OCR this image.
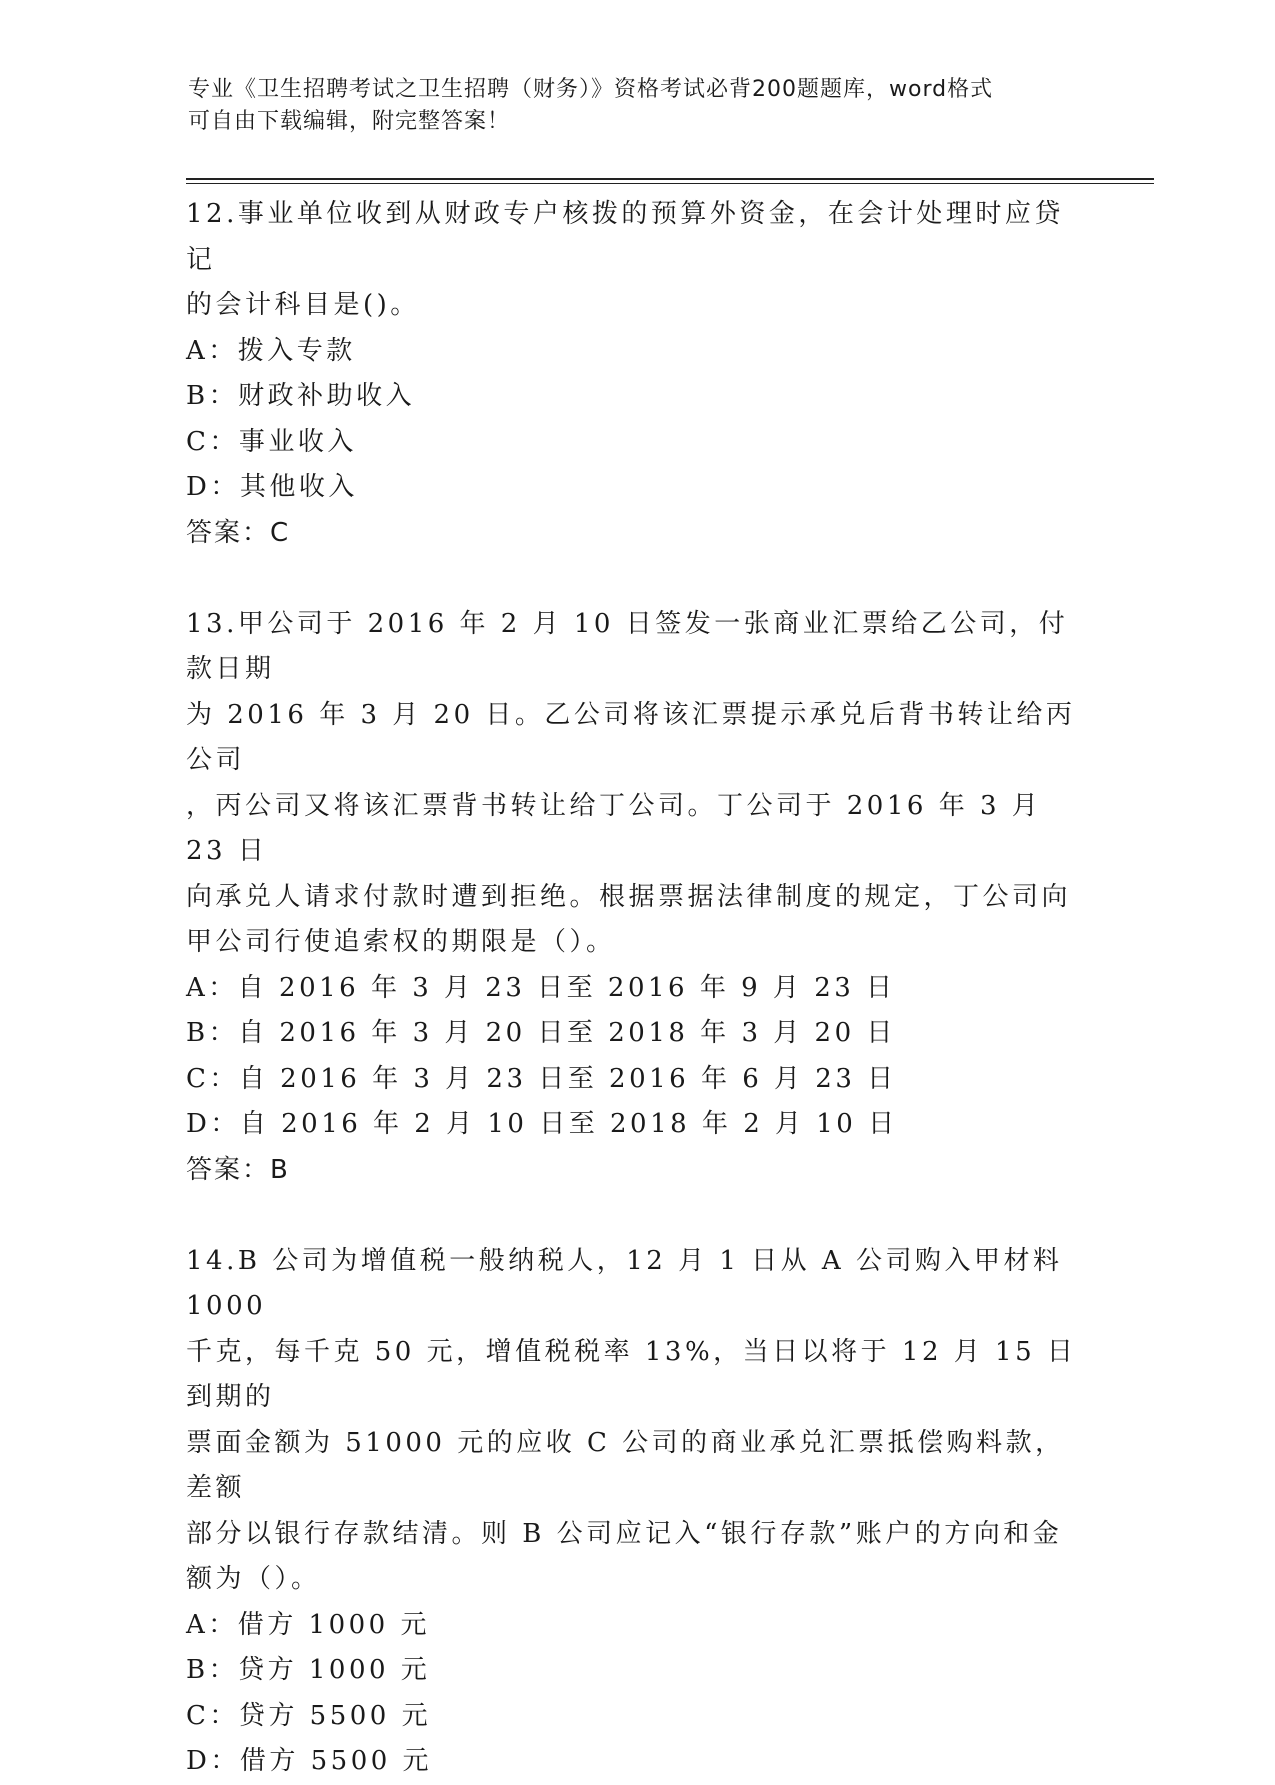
专业《卫生招聘考试之卫生招聘（财务）》资格考试必背200题题库，word格式
可自由下载编辑，附完整答案！

12.事业单位收到从财政专户核拨的预算外资金，在会计处理时应贷记

的会计科目是()。

A：拨入专款

B：财政补助收入

C：事业收入

D：其他收入

答案：C

13.甲公司于 2016 年 2 月 10 日签发一张商业汇票给乙公司，付款日期

为 2016 年 3 月 20 日。乙公司将该汇票提示承兑后背书转让给丙公司

，丙公司又将该汇票背书转让给丁公司。丁公司于 2016 年 3 月 23 日

向承兑人请求付款时遭到拒绝。根据票据法律制度的规定，丁公司向

甲公司行使追索权的期限是（）。

A：自 2016 年 3 月 23 日至 2016 年 9 月 23 日

B：自 2016 年 3 月 20 日至 2018 年 3 月 20 日

C：自 2016 年 3 月 23 日至 2016 年 6 月 23 日

D：自 2016 年 2 月 10 日至 2018 年 2 月 10 日

答案：B

14.B 公司为增值税一般纳税人，12 月 1 日从 A 公司购入甲材料 1000

千克，每千克 50 元，增值税税率 13%，当日以将于 12 月 15 日到期的

票面金额为 51000 元的应收 C 公司的商业承兑汇票抵偿购料款，差额

部分以银行存款结清。则 B 公司应记入“银行存款”账户的方向和金

额为（）。

A：借方 1000 元

B：贷方 1000 元

C：贷方 5500 元

D：借方 5500 元
